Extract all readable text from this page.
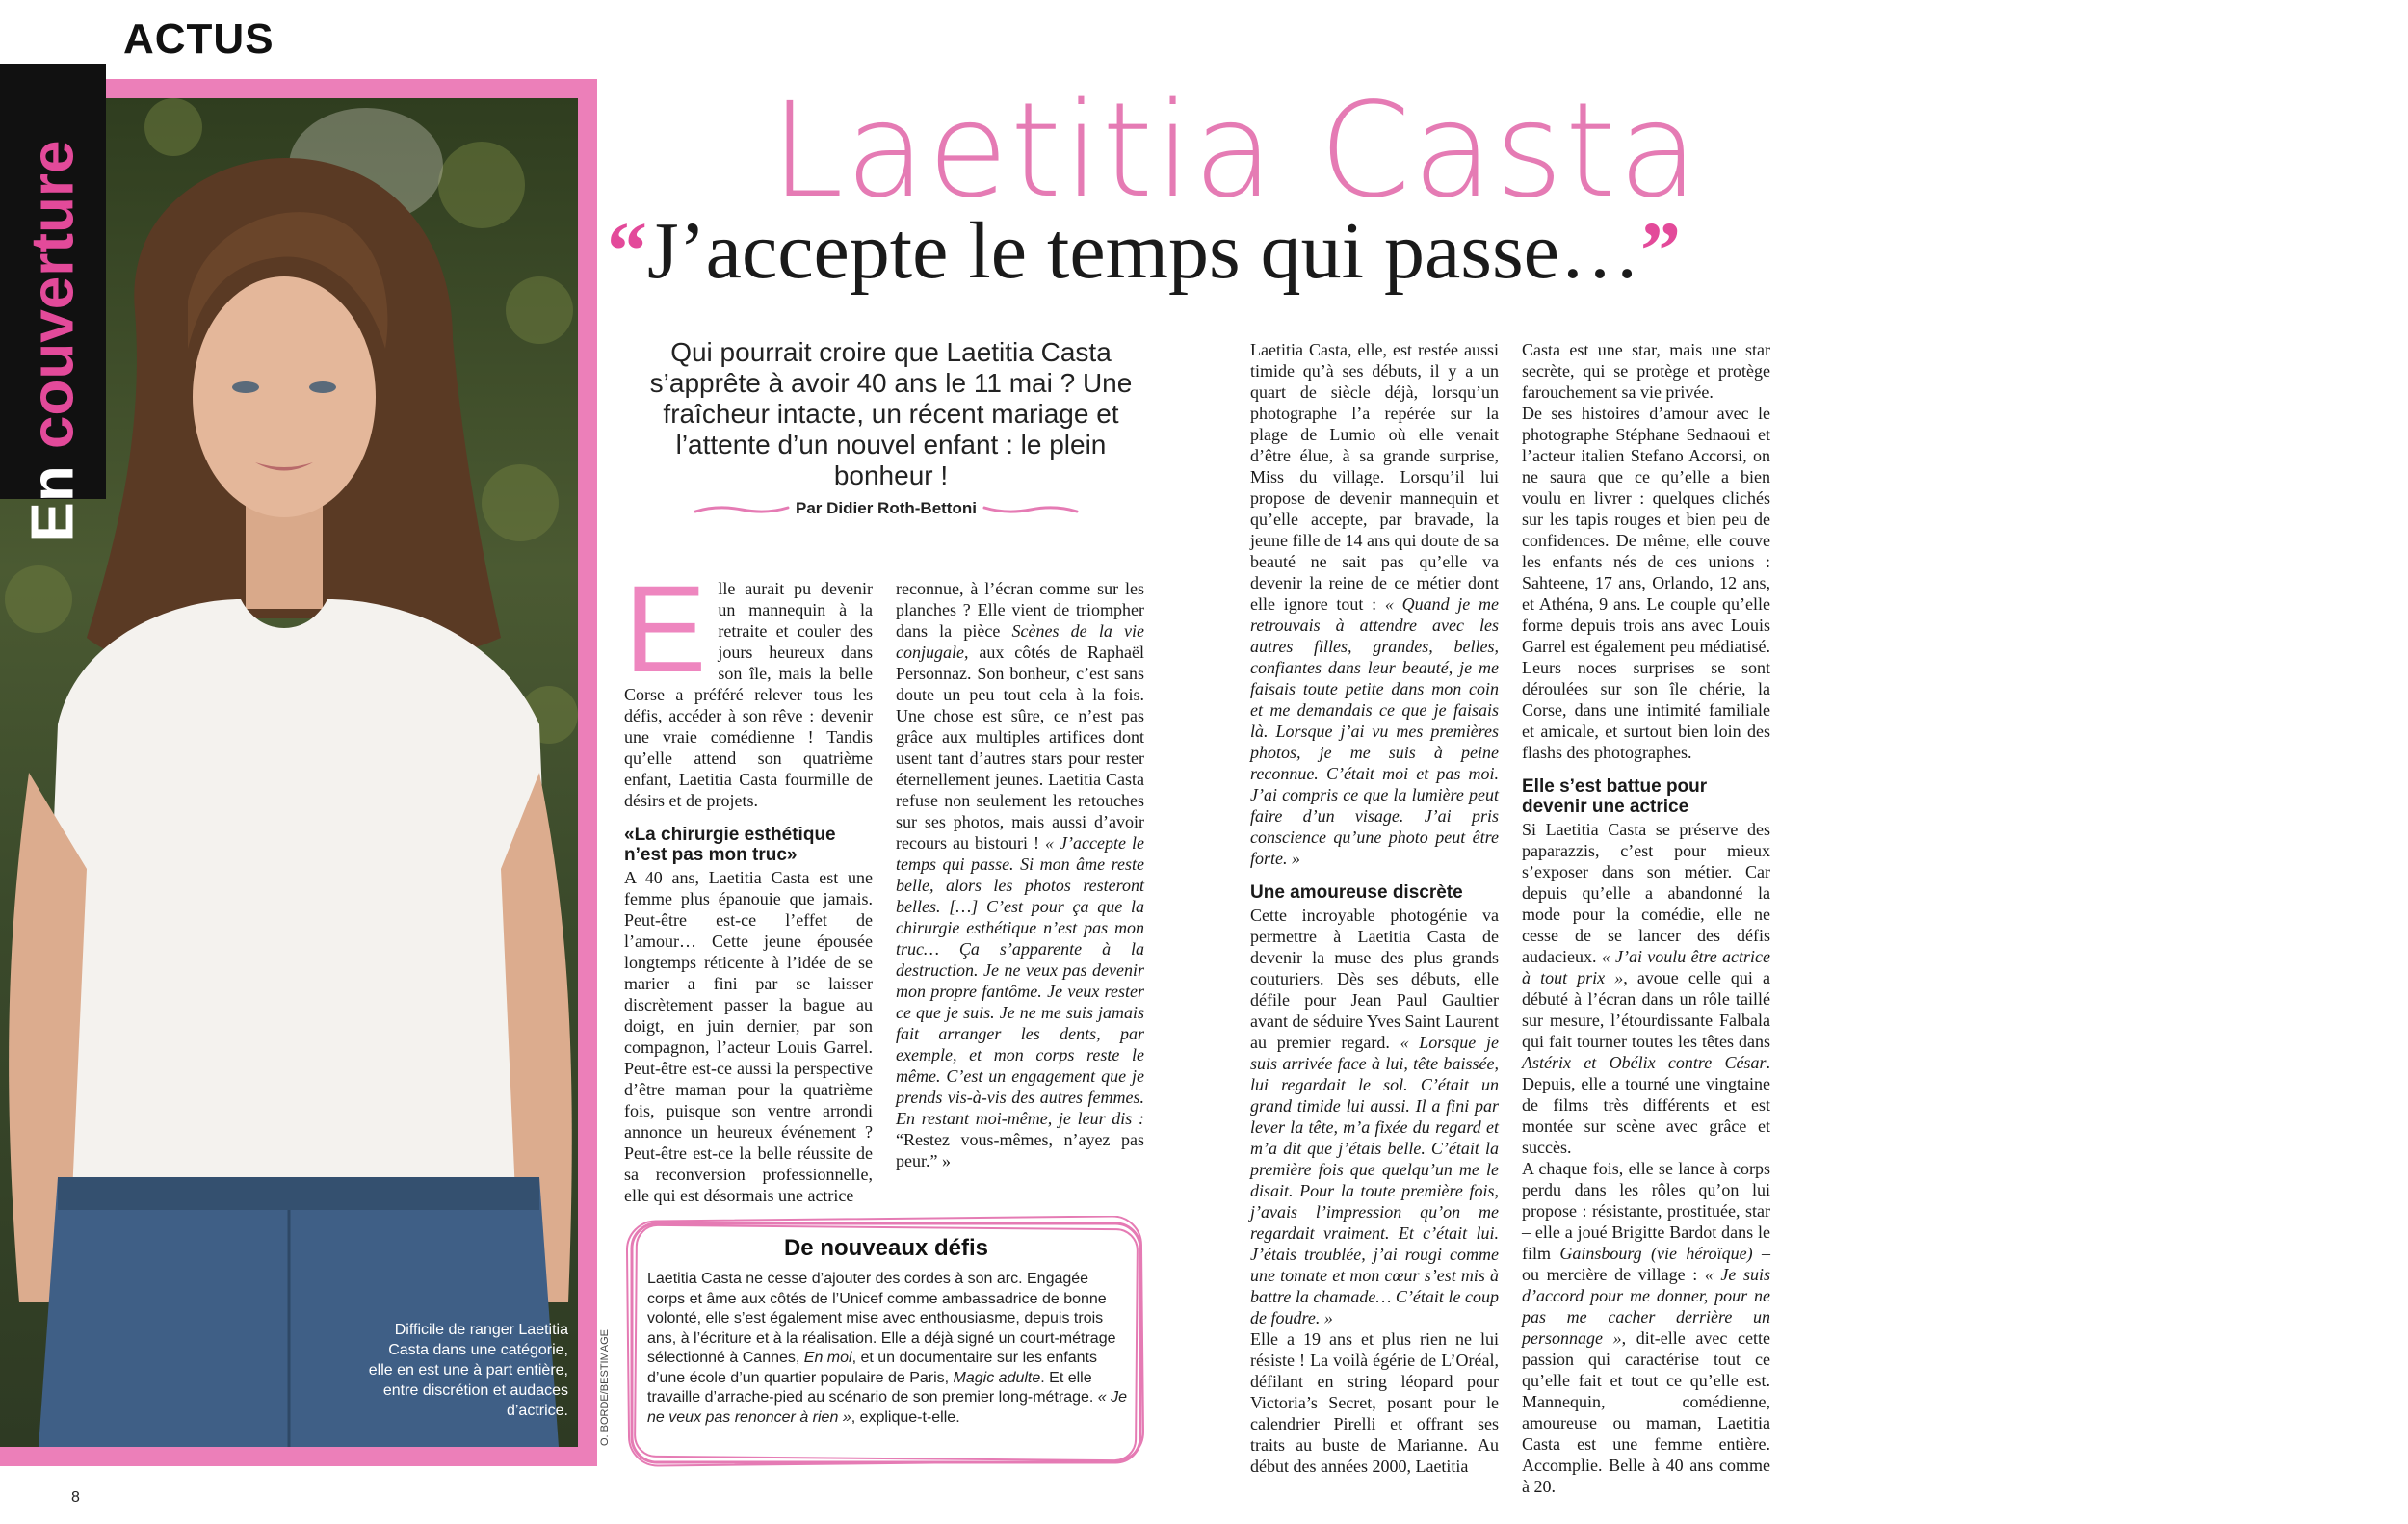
ACTUS
Difficile de ranger Laetitia Casta dans une catégorie, elle en est une à part entière, entre discrétion et audaces d’actrice.	O. BORDE/BESTIMAGE
En couverture	Laetitia Casta
“J’accepte le temps qui passe…”
Qui pourrait croire que Laetitia Casta s’apprête à avoir 40 ans le 11 mai ? Une fraîcheur intacte, un récent mariage et l’attente d’un nouvel enfant : le plein bonheur !
Par Didier Roth-Bettoni

Elle aurait pu devenir un mannequin à la retraite et couler des jours heureux dans son île, mais la belle Corse a préféré relever tous les défis, accéder à son rêve : devenir une vraie comédienne ! Tandis qu’elle attend son quatrième enfant, Laetitia Casta fourmille de désirs et de projets.

«La chirurgie esthétique n’est pas mon truc»

A 40 ans, Laetitia Casta est une femme plus épanouie que jamais. Peut-être est-ce l’effet de l’amour… Cette jeune épousée longtemps réticente à l’idée de se marier a fini par se laisser discrètement passer la bague au doigt, en juin dernier, par son compagnon, l’acteur Louis Garrel. Peut-être est-ce aussi la perspective d’être maman pour la quatrième fois, puisque son ventre arrondi annonce un heureux événement ? Peut-être est-ce la belle réussite de sa reconversion professionnelle, elle qui est désormais une actrice

reconnue, à l’écran comme sur les planches ? Elle vient de triompher dans la pièce Scènes de la vie conjugale, aux côtés de Raphaël Personnaz. Son bonheur, c’est sans doute un peu tout cela à la fois. Une chose est sûre, ce n’est pas grâce aux multiples artifices dont usent tant d’autres stars pour rester éternellement jeunes. Laetitia Casta refuse non seulement les retouches sur ses photos, mais aussi d’avoir recours au bistouri ! « J’accepte le temps qui passe. Si mon âme reste belle, alors les photos resteront belles. […] C’est pour ça que la chirurgie esthétique n’est pas mon truc… Ça s’apparente à la destruction. Je ne veux pas devenir mon propre fantôme. Je veux rester ce que je suis. Je ne me suis jamais fait arranger les dents, par exemple, et mon corps reste le même. C’est un engagement que je prends vis-à-vis des autres femmes. En restant moi-même, je leur dis : “Restez vous-mêmes, n’ayez pas peur.” »

Laetitia Casta, elle, est restée aussi timide qu’à ses débuts, il y a un quart de siècle déjà, lorsqu’un photographe l’a repérée sur la plage de Lumio où elle venait d’être élue, à sa grande surprise, Miss du village. Lorsqu’il lui propose de devenir mannequin et qu’elle accepte, par bravade, la jeune fille de 14 ans qui doute de sa beauté ne sait pas qu’elle va devenir la reine de ce métier dont elle ignore tout : « Quand je me retrouvais à attendre avec les autres filles, grandes, belles, confiantes dans leur beauté, je me faisais toute petite dans mon coin et me demandais ce que je faisais là. Lorsque j’ai vu mes premières photos, je me suis à peine reconnue. C’était moi et pas moi. J’ai compris ce que la lumière peut faire d’un visage. J’ai pris conscience qu’une photo peut être forte. »

Une amoureuse discrète

Cette incroyable photogénie va permettre à Laetitia Casta de devenir la muse des plus grands couturiers. Dès ses débuts, elle défile pour Jean Paul Gaultier avant de séduire Yves Saint Laurent au premier regard. « Lorsque je suis arrivée face à lui, tête baissée, lui regardait le sol. C’était un grand timide lui aussi. Il a fini par lever la tête, m’a fixée du regard et m’a dit que j’étais belle. C’était la première fois que quelqu’un me le disait. Pour la toute première fois, j’avais l’impression qu’on me regardait vraiment. Et c’était lui. J’étais troublée, j’ai rougi comme une tomate et mon cœur s’est mis à battre la chamade… C’était le coup de foudre. »

Elle a 19 ans et plus rien ne lui résiste ! La voilà égérie de L’Oréal, défilant en string léopard pour Victoria’s Secret, posant pour le calendrier Pirelli et offrant ses traits au buste de Marianne. Au début des années 2000, Laetitia

Casta est une star, mais une star secrète, qui se protège et protège farouchement sa vie privée.

De ses histoires d’amour avec le photographe Stéphane Sednaoui et l’acteur italien Stefano Accorsi, on ne saura que ce qu’elle a bien voulu en livrer : quelques clichés sur les tapis rouges et bien peu de confidences. De même, elle couve les enfants nés de ces unions : Sahteene, 17 ans, Orlando, 12 ans, et Athéna, 9 ans. Le couple qu’elle forme depuis trois ans avec Louis Garrel est également peu médiatisé. Leurs noces surprises se sont déroulées sur son île chérie, la Corse, dans une intimité familiale et amicale, et surtout bien loin des flashs des photographes.

Elle s’est battue pour devenir une actrice

Si Laetitia Casta se préserve des paparazzis, c’est pour mieux s’exposer dans son métier. Car depuis qu’elle a abandonné la mode pour la comédie, elle ne cesse de se lancer des défis audacieux. « J’ai voulu être actrice à tout prix », avoue celle qui a débuté à l’écran dans un rôle taillé sur mesure, l’étourdissante Falbala qui fait tourner toutes les têtes dans Astérix et Obélix contre César. Depuis, elle a tourné une vingtaine de films très différents et est montée sur scène avec grâce et succès.

A chaque fois, elle se lance à corps perdu dans les rôles qu’on lui propose : résistante, prostituée, star – elle a joué Brigitte Bardot dans le film Gainsbourg (vie héroïque) – ou mercière de village : « Je suis d’accord pour me donner, pour ne pas me cacher derrière un personnage », dit-elle avec cette passion qui caractérise tout ce qu’elle fait et tout ce qu’elle est. Mannequin, comédienne, amoureuse ou maman, Laetitia Casta est une femme entière. Accomplie. Belle à 40 ans comme à 20.

De nouveaux défis
Laetitia Casta ne cesse d’ajouter des cordes à son arc. Engagée corps et âme aux côtés de l’Unicef comme ambassadrice de bonne volonté, elle s’est également mise avec enthousiasme, depuis trois ans, à l’écriture et à la réalisation. Elle a déjà signé un court-métrage sélectionné à Cannes, En moi, et un documentaire sur les enfants d’une école d’un quartier populaire de Paris, Magic adulte. Et elle travaille d’arrache-pied au scénario de son premier long-métrage. « Je ne veux pas renoncer à rien », explique-t-elle.
8
